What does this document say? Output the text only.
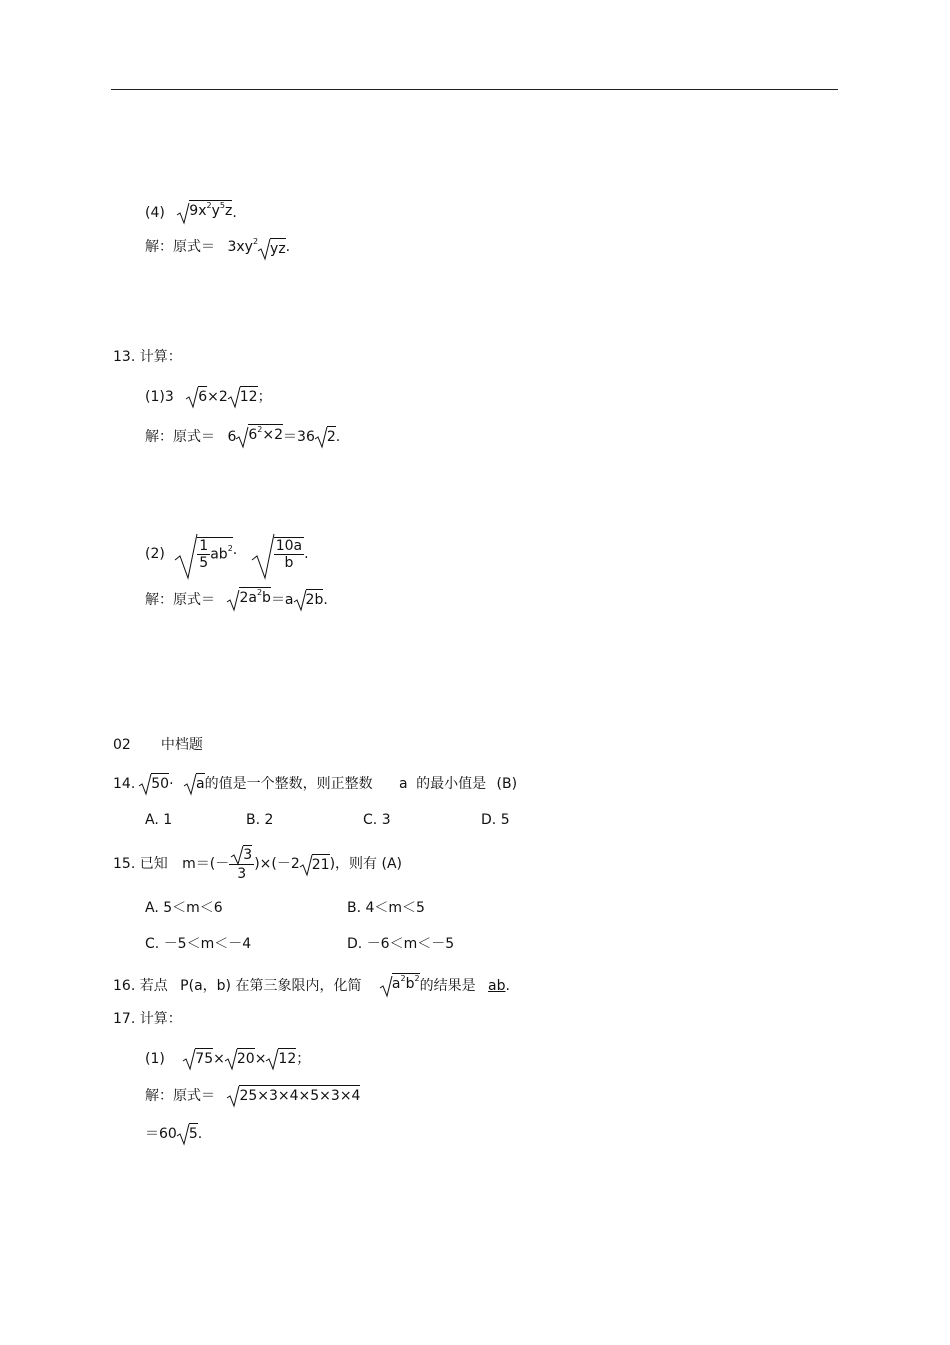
(4) $9x^2y^5z$.
解：原式＝ $3xy^2$ yz.
13. 计算：
(1)3 6×2 12；
解：原式＝ 6 $6^2\times 2=36$ 2.
$(2) \frac{1}{5} ab^2\cdot$	$\frac{10a}{b}$ .
解：原式＝ $2a^2b=a$ 2b.
02 中档题
14. 50· a的值是一个整数，则正整数 a 的最小值是 (B)
A. 1	B. 2	C. 3	D. 5
15. 已知 $m=(- \frac{3}{3} )\times(-2$ 21)，则有 (A)
A. 5＜m＜6	B. 4＜m＜5
C. －5＜m＜－4	D. －6＜m＜－5
16. 若点 P(a，b) 在第三象限内，化简 $a^2b^2$的结果是 ab.
17. 计算：
(1) 75× 20× 12；
解：原式＝ 25×3×4×5×3×4
＝60 5.
